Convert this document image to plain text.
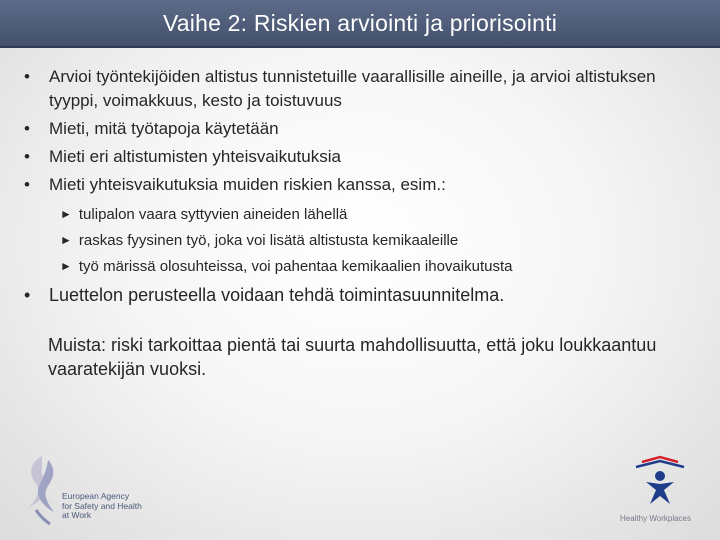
Vaihe 2: Riskien arviointi ja priorisointi
• Arvioi työntekijöiden altistus tunnistetuille vaarallisille aineille, ja arvioi altistuksen tyyppi, voimakkuus, kesto ja toistuvuus
• Mieti, mitä työtapoja käytetään
• Mieti eri altistumisten yhteisvaikutuksia
• Mieti yhteisvaikutuksia muiden riskien kanssa, esim.:
► tulipalon vaara syttyvien aineiden lähellä
► raskas fyysinen työ, joka voi lisätä altistusta kemikaaleille
► työ märissä olosuhteissa, voi pahentaa kemikaalien ihovaikutusta
• Luettelon perusteella voidaan tehdä toimintasuunnitelma.

Muista: riski tarkoittaa pientä tai suurta mahdollisuutta, että joku loukkaantuu vaaratekijän vuoksi.

European Agency
for Safety and Health
at Work	Healthy Workplaces
